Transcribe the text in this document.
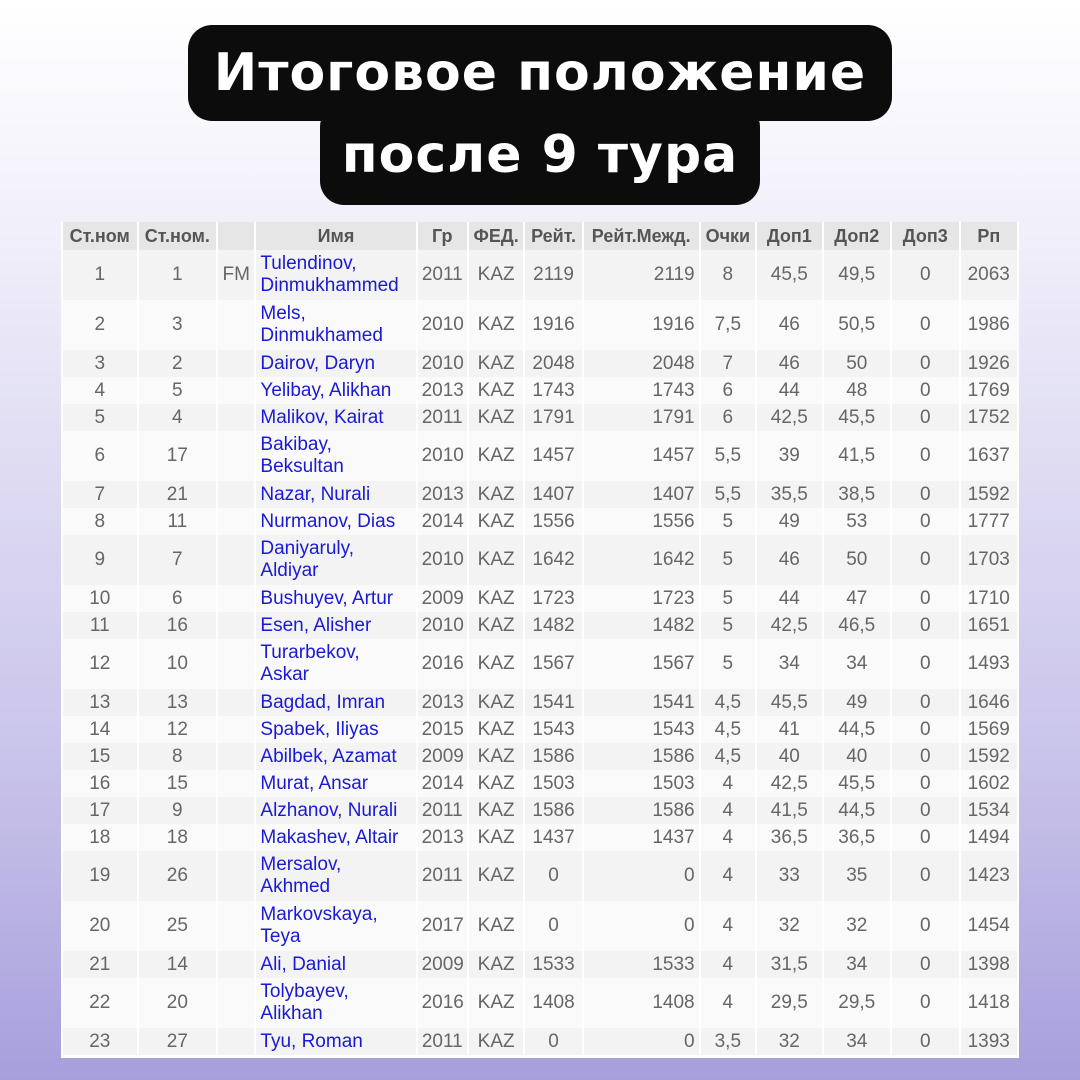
Итоговое положение
после 9 тура
Ст.ном	Ст.ном.		Имя	Гр	ФЕД.	Рейт.	Рейт.Межд.	Очки	Доп1	Доп2	Доп3	Рп
1	1	FM	Tulendinov, Dinmukhammed	2011	KAZ	2119	2119	8	45,5	49,5	0	2063
2	3		Mels, Dinmukhamed	2010	KAZ	1916	1916	7,5	46	50,5	0	1986
3	2		Dairov, Daryn	2010	KAZ	2048	2048	7	46	50	0	1926
4	5		Yelibay, Alikhan	2013	KAZ	1743	1743	6	44	48	0	1769
5	4		Malikov, Kairat	2011	KAZ	1791	1791	6	42,5	45,5	0	1752
6	17		Bakibay, Beksultan	2010	KAZ	1457	1457	5,5	39	41,5	0	1637
7	21		Nazar, Nurali	2013	KAZ	1407	1407	5,5	35,5	38,5	0	1592
8	11		Nurmanov, Dias	2014	KAZ	1556	1556	5	49	53	0	1777
9	7		Daniyaruly, Aldiyar	2010	KAZ	1642	1642	5	46	50	0	1703
10	6		Bushuyev, Artur	2009	KAZ	1723	1723	5	44	47	0	1710
11	16		Esen, Alisher	2010	KAZ	1482	1482	5	42,5	46,5	0	1651
12	10		Turarbekov, Askar	2016	KAZ	1567	1567	5	34	34	0	1493
13	13		Bagdad, Imran	2013	KAZ	1541	1541	4,5	45,5	49	0	1646
14	12		Spabek, Iliyas	2015	KAZ	1543	1543	4,5	41	44,5	0	1569
15	8		Abilbek, Azamat	2009	KAZ	1586	1586	4,5	40	40	0	1592
16	15		Murat, Ansar	2014	KAZ	1503	1503	4	42,5	45,5	0	1602
17	9		Alzhanov, Nurali	2011	KAZ	1586	1586	4	41,5	44,5	0	1534
18	18		Makashev, Altair	2013	KAZ	1437	1437	4	36,5	36,5	0	1494
19	26		Mersalov, Akhmed	2011	KAZ	0	0	4	33	35	0	1423
20	25		Markovskaya, Teya	2017	KAZ	0	0	4	32	32	0	1454
21	14		Ali, Danial	2009	KAZ	1533	1533	4	31,5	34	0	1398
22	20		Tolybayev, Alikhan	2016	KAZ	1408	1408	4	29,5	29,5	0	1418
23	27		Tyu, Roman	2011	KAZ	0	0	3,5	32	34	0	1393
